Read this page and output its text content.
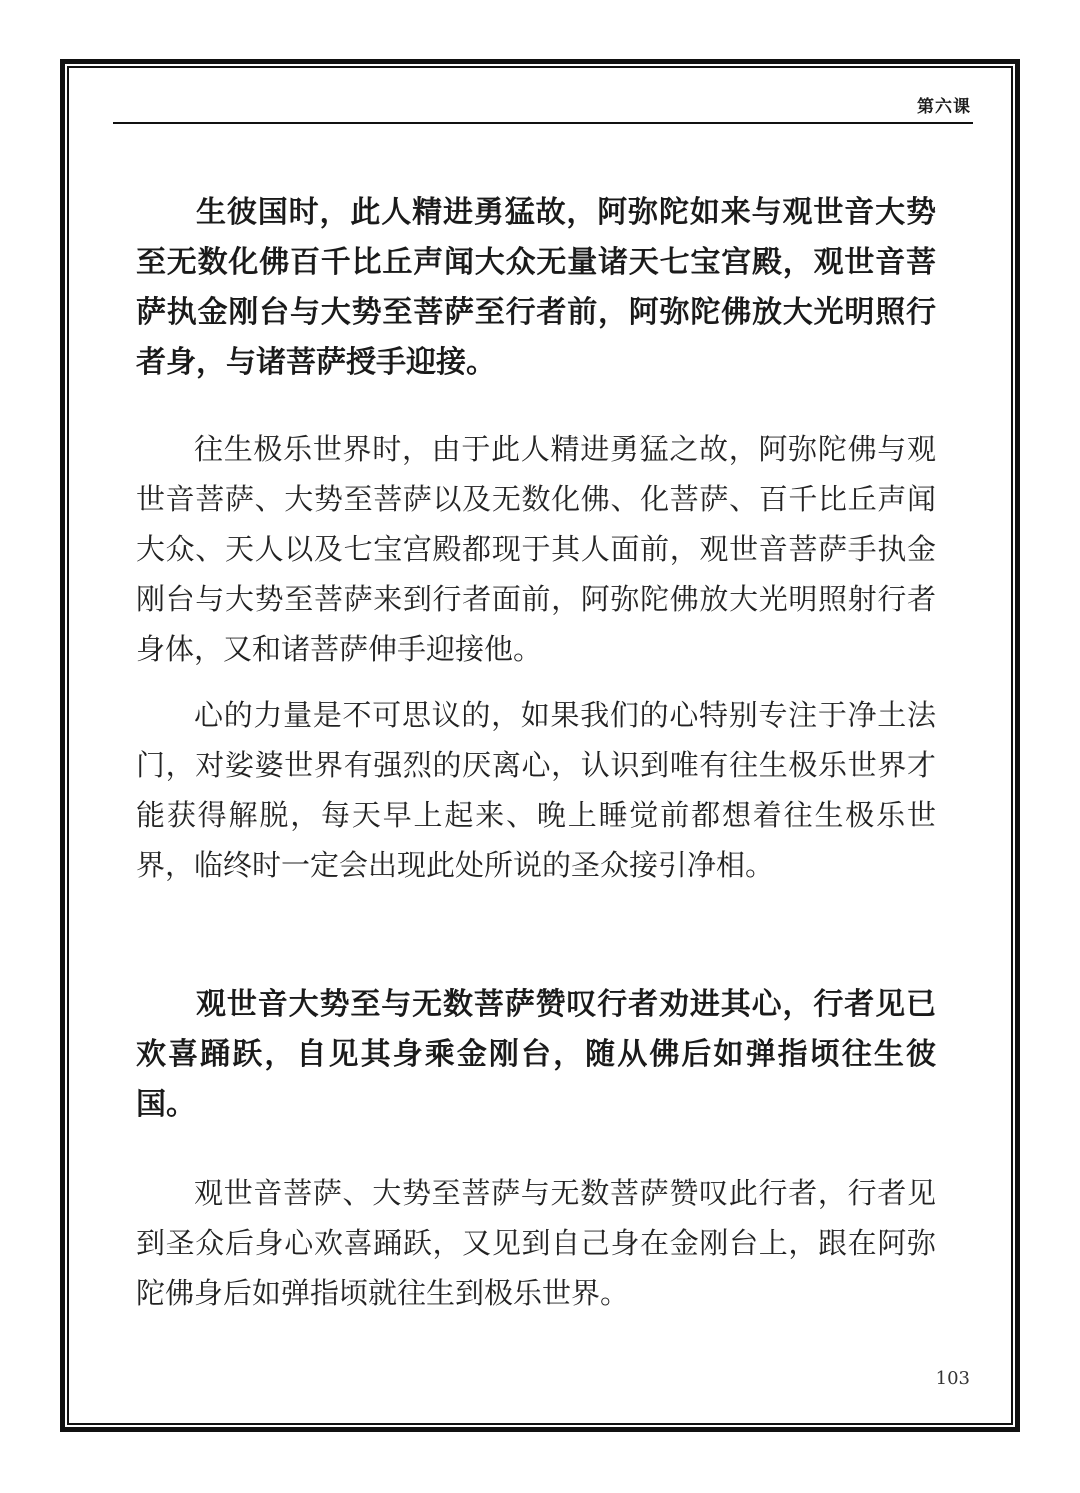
第六课

生彼国时，此人精进勇猛故，阿弥陀如来与观世音大势至无数化佛百千比丘声闻大众无量诸天七宝宫殿，观世音菩萨执金刚台与大势至菩萨至行者前，阿弥陀佛放大光明照行者身，与诸菩萨授手迎接。

往生极乐世界时，由于此人精进勇猛之故，阿弥陀佛与观世音菩萨、大势至菩萨以及无数化佛、化菩萨、百千比丘声闻大众、天人以及七宝宫殿都现于其人面前，观世音菩萨手执金刚台与大势至菩萨来到行者面前，阿弥陀佛放大光明照射行者身体，又和诸菩萨伸手迎接他。

心的力量是不可思议的，如果我们的心特别专注于净土法门，对娑婆世界有强烈的厌离心，认识到唯有往生极乐世界才能获得解脱，每天早上起来、晚上睡觉前都想着往生极乐世界，临终时一定会出现此处所说的圣众接引净相。

观世音大势至与无数菩萨赞叹行者劝进其心，行者见已欢喜踊跃，自见其身乘金刚台，随从佛后如弹指顷往生彼国。

观世音菩萨、大势至菩萨与无数菩萨赞叹此行者，行者见到圣众后身心欢喜踊跃，又见到自己身在金刚台上，跟在阿弥陀佛身后如弹指顷就往生到极乐世界。

103
